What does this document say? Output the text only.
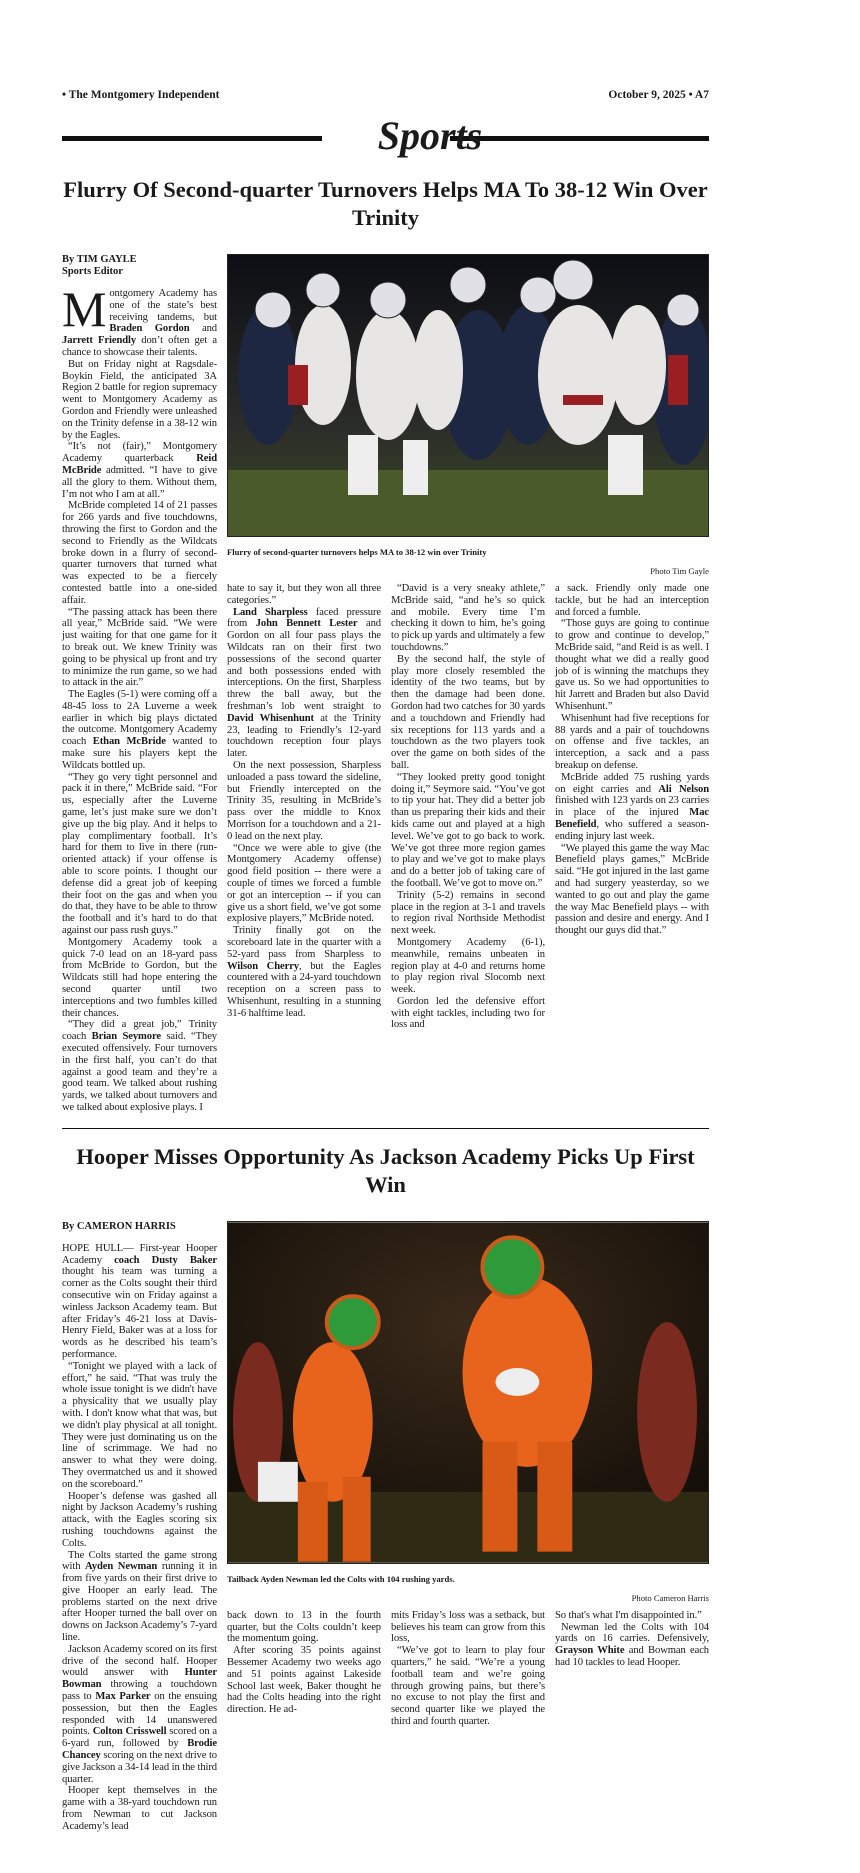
• The Montgomery Independent	October 9, 2025 • A7
Sports
Flurry Of Second-quarter Turnovers Helps MA To 38-12 Win Over Trinity
By TIM GAYLE
Sports Editor

Montgomery Academy has one of the state’s best receiving tandems, but Braden Gordon and Jarrett Friendly don’t often get a chance to showcase their talents.

But on Friday night at Ragsdale-Boykin Field, the anticipated 3A Region 2 battle for region supremacy went to Montgomery Academy as Gordon and Friendly were unleashed on the Trinity defense in a 38-12 win by the Eagles.

“It’s not (fair),” Montgomery Academy quarterback Reid McBride admitted. “I have to give all the glory to them. Without them, I’m not who I am at all.”

McBride completed 14 of 21 passes for 266 yards and five touchdowns, throwing the first to Gordon and the second to Friendly as the Wildcats broke down in a flurry of second-quarter turnovers that turned what was expected to be a fiercely contested battle into a one-sided affair.

“The passing attack has been there all year,” McBride said. “We were just waiting for that one game for it to break out. We knew Trinity was going to be physical up front and try to minimize the run game, so we had to attack in the air.”

The Eagles (5-1) were coming off a 48-45 loss to 2A Luverne a week earlier in which big plays dictated the outcome. Montgomery Academy coach Ethan McBride wanted to make sure his players kept the Wildcats bottled up.

“They go very tight personnel and pack it in there,” McBride said. “For us, especially after the Luverne game, let’s just make sure we don’t give up the big play. And it helps to play complimentary football. It’s hard for them to live in there (run-oriented attack) if your offense is able to score points. I thought our defense did a great job of keeping their foot on the gas and when you do that, they have to be able to throw the football and it’s hard to do that against our pass rush guys.”

Montgomery Academy took a quick 7-0 lead on an 18-yard pass from McBride to Gordon, but the Wildcats still had hope entering the second quarter until two interceptions and two fumbles killed their chances.

“They did a great job,” Trinity coach Brian Seymore said. “They executed offensively. Four turnovers in the first half, you can’t do that against a good team and they’re a good team. We talked about rushing yards, we talked about turnovers and we talked about explosive plays. I

Flurry of second-quarter turnovers helps MA to 38-12 win over Trinity
Photo Tim Gayle

hate to say it, but they won all three categories.”

Land Sharpless faced pressure from John Bennett Lester and Gordon on all four pass plays the Wildcats ran on their first two possessions of the second quarter and both possessions ended with interceptions. On the first, Sharpless threw the ball away, but the freshman’s lob went straight to David Whisenhunt at the Trinity 23, leading to Friendly’s 12-yard touchdown reception four plays later.

On the next possession, Sharpless unloaded a pass toward the sideline, but Friendly intercepted on the Trinity 35, resulting in McBride’s pass over the middle to Knox Morrison for a touchdown and a 21-0 lead on the next play.

“Once we were able to give (the Montgomery Academy offense) good field position -- there were a couple of times we forced a fumble or got an interception -- if you can give us a short field, we’ve got some explosive players,” McBride noted.

Trinity finally got on the scoreboard late in the quarter with a 52-yard pass from Sharpless to Wilson Cherry, but the Eagles countered with a 24-yard touchdown reception on a screen pass to Whisenhunt, resulting in a stunning 31-6 halftime lead.

“David is a very sneaky athlete,” McBride said, “and he’s so quick and mobile. Every time I’m checking it down to him, he’s going to pick up yards and ultimately a few touchdowns.”

By the second half, the style of play more closely resembled the identity of the two teams, but by then the damage had been done. Gordon had two catches for 30 yards and a touchdown and Friendly had six receptions for 113 yards and a touchdown as the two players took over the game on both sides of the ball.

“They looked pretty good tonight doing it,” Seymore said. “You’ve got to tip your hat. They did a better job than us preparing their kids and their kids came out and played at a high level. We’ve got to go back to work. We’ve got three more region games to play and we’ve got to make plays and do a better job of taking care of the football. We’ve got to move on.”

Trinity (5-2) remains in second place in the region at 3-1 and travels to region rival Northside Methodist next week.

Montgomery Academy (6-1), meanwhile, remains unbeaten in region play at 4-0 and returns home to play region rival Slocomb next week.

Gordon led the defensive effort with eight tackles, including two for loss and

a sack. Friendly only made one tackle, but he had an interception and forced a fumble.

“Those guys are going to continue to grow and continue to develop,” McBride said, “and Reid is as well. I thought what we did a really good job of is winning the matchups they gave us. So we had opportunities to hit Jarrett and Braden but also David Whisenhunt.”

Whisenhunt had five receptions for 88 yards and a pair of touchdowns on offense and five tackles, an interception, a sack and a pass breakup on defense.

McBride added 75 rushing yards on eight carries and Ali Nelson finished with 123 yards on 23 carries in place of the injured Mac Benefield, who suffered a season-ending injury last week.

“We played this game the way Mac Benefield plays games,” McBride said. “He got injured in the last game and had surgery yeasterday, so we wanted to go out and play the game the way Mac Benefield plays -- with passion and desire and energy. And I thought our guys did that.”

Hooper Misses Opportunity As Jackson Academy Picks Up First Win
By CAMERON HARRIS

HOPE HULL— First-year Hooper Academy coach Dusty Baker thought his team was turning a corner as the Colts sought their third consecutive win on Friday against a winless Jackson Academy team. But after Friday’s 46-21 loss at Davis-Henry Field, Baker was at a loss for words as he described his team’s performance.

“Tonight we played with a lack of effort,” he said. “That was truly the whole issue tonight is we didn't have a physicality that we usually play with. I don't know what that was, but we didn't play physical at all tonight. They were just dominating us on the line of scrimmage. We had no answer to what they were doing. They overmatched us and it showed on the scoreboard.”

Hooper’s defense was gashed all night by Jackson Academy’s rushing attack, with the Eagles scoring six rushing touchdowns against the Colts.

The Colts started the game strong with Ayden Newman running it in from five yards on their first drive to give Hooper an early lead. The problems started on the next drive after Hooper turned the ball over on downs on Jackson Academy’s 7-yard line.

Jackson Academy scored on its first drive of the second half. Hooper would answer with Hunter Bowman throwing a touchdown pass to Max Parker on the ensuing possession, but then the Eagles responded with 14 unanswered points. Colton Crisswell scored on a 6-yard run, followed by Brodie Chancey scoring on the next drive to give Jackson a 34-14 lead in the third quarter.

Hooper kept themselves in the game with a 38-yard touchdown run from Newman to cut Jackson Academy’s lead

Tailback Ayden Newman led the Colts with 104 rushing yards.
Photo Cameron Harris

back down to 13 in the fourth quarter, but the Colts couldn’t keep the momentum going.

After scoring 35 points against Bessemer Academy two weeks ago and 51 points against Lakeside School last week, Baker thought he had the Colts heading into the right direction. He ad-

mits Friday’s loss was a setback, but believes his team can grow from this loss,

“We’ve got to learn to play four quarters,” he said. “We’re a young football team and we’re going through growing pains, but there’s no excuse to not play the first and second quarter like we played the third and fourth quarter.

So that's what I'm disappointed in.”

Newman led the Colts with 104 yards on 16 carries. Defensively, Grayson White and Bowman each had 10 tackles to lead Hooper.
